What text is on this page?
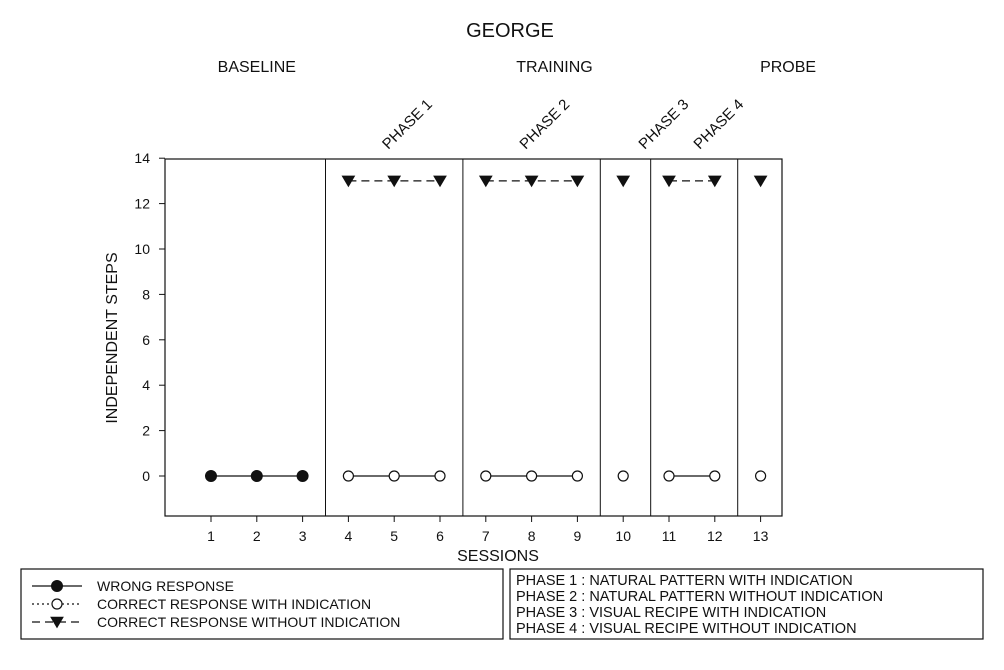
GEORGE
BASELINE	TRAINING	PROBE
PHASE 1	PHASE 2	PHASE 3
PHASE 4
0
2
4
6
8
10
12
14
1	2	3	4	5	6	7	8	9 10 11 12 13
SESSIONS
INDEPENDENT STEPS
WRONG RESPONSE
CORRECT RESPONSE WITH INDICATION
CORRECT RESPONSE WITHOUT INDICATION
PHASE 1 : NATURAL PATTERN WITH INDICATION
PHASE 2 : NATURAL PATTERN WITHOUT INDICATION
PHASE 3 : VISUAL RECIPE WITH INDICATION
PHASE 4 : VISUAL RECIPE WITHOUT INDICATION
